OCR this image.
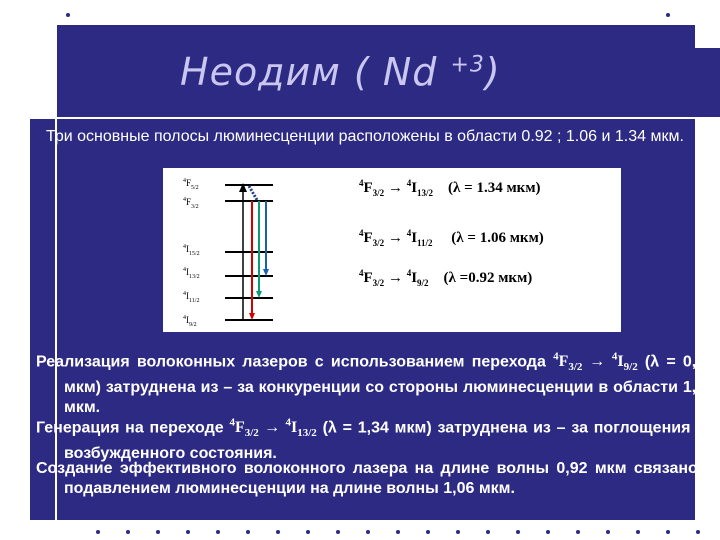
Неодим ( Nd $^{+3}$)
Три основные полосы люминесценции расположены в области 0.92 ; 1.06 и 1.34 мкм.
$^4F_{5/2}$
$^4F_{3/2}$
$^4I_{15/2}$
$^4I_{13/2}$
$^4I_{11/2}$
$^4I_{9/2}$
$^4F_{3/2} \to ^4I_{13/2}$ (λ = 1.34 мкм)
$^4F_{3/2} \to ^4I_{11/2}$ (λ = 1.06 мкм)
$^4F_{3/2} \to ^4I_{9/2}$ (λ =0.92 мкм)
Реализация волоконных лазеров с использованием перехода $^4F_{3/2} \to ^4I_{9/2}$ (λ = 0,92 мкм) затруднена из – за конкуренции со стороны люминесценции в области 1,06 мкм.
Генерация на переходе $^4F_{3/2} \to ^4I_{13/2}$ (λ = 1,34 мкм) затруднена из – за поглощения из возбужденного состояния.
Создание эффективного волоконного лазера на длине волны 0,92 мкм связано с подавлением люминесценции на длине волны 1,06 мкм.
